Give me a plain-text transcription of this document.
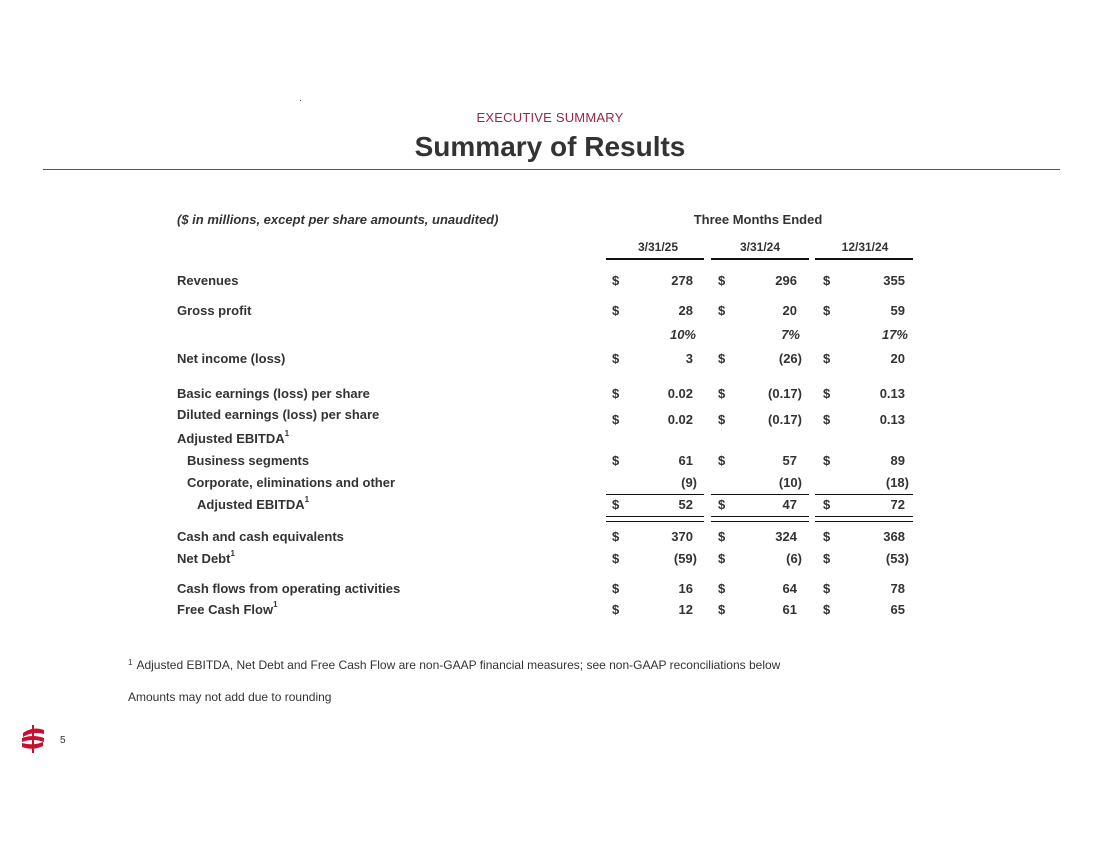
EXECUTIVE SUMMARY
Summary of Results
($ in millions, except per share amounts, unaudited)	Three Months Ended
3/31/25	3/31/24	12/31/24
Revenues	$	278 $	296 $	355
Gross profit	$	28 $	20 $	59
10%	7%	17%
Net income (loss)	$	3 $	(26) $	20
Basic earnings (loss) per share	$	0.02 $	(0.17) $	0.13
Diluted earnings (loss) per share	$	0.02 $	(0.17) $	0.13
Adjusted EBITDA$^1$
Business segments	$	61 $	57 $	89
Corporate, eliminations and other	(9)	(10)	(18)
Adjusted EBITDA$^1$	$	52 $	47 $	72
Cash and cash equivalents	$	370 $	324 $	368
Net Debt$^1$	$	(59) $	(6) $	(53)
Cash flows from operating activities	$	16 $	64 $	78
Free Cash Flow$^1$	$	12 $	61 $	65
$^1$ Adjusted EBITDA, Net Debt and Free Cash Flow are non-GAAP financial measures; see non-GAAP reconciliations below
Amounts may not add due to rounding
5
